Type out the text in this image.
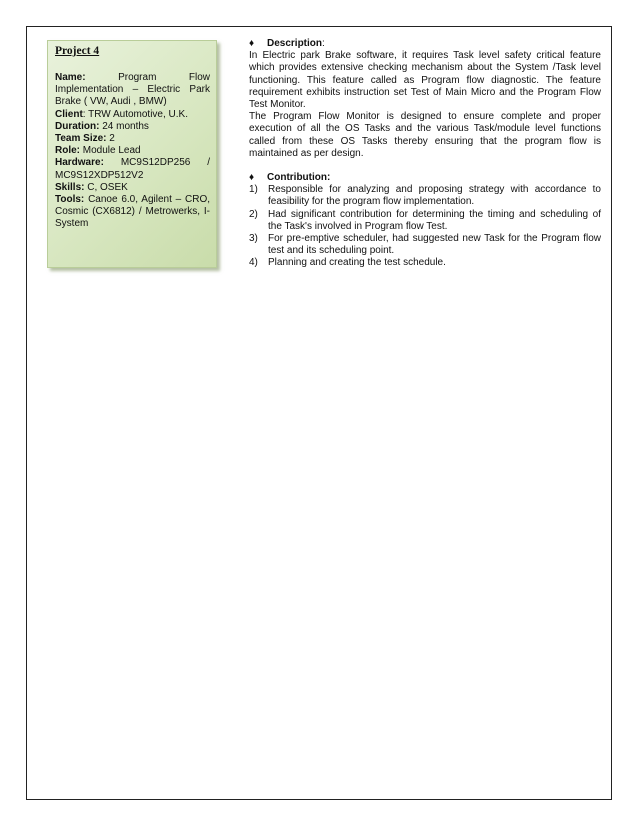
Project 4

Name:	Program Flow Implementation – Electric Park Brake ( VW, Audi , BMW)

Client: TRW Automotive, U.K.

Duration: 24 months

Team Size: 2

Role: Module Lead

Hardware: MC9S12DP256 / MC9S12XDP512V2

Skills: C, OSEK

Tools: Canoe 6.0, Agilent – CRO, Cosmic (CX6812) / Metrowerks, I-System

♦ Description:

In Electric park Brake software, it requires Task level safety critical feature which provides extensive checking mechanism about the System /Task level functioning. This feature called as Program flow diagnostic. The feature requirement exhibits instruction set Test of Main Micro and the Program Flow Test Monitor.

The Program Flow Monitor is designed to ensure complete and proper execution of all the OS Tasks and the various Task/module level functions called from these OS Tasks thereby ensuring that the program flow is maintained as per design.

♦ Contribution:

1) Responsible for analyzing and proposing strategy with accordance to feasibility for the program flow implementation.
2) Had significant contribution for determining the timing and scheduling of the Task's involved in Program flow Test.
3) For pre-emptive scheduler, had suggested new Task for the Program flow test and its scheduling point.
4) Planning and creating the test schedule.
